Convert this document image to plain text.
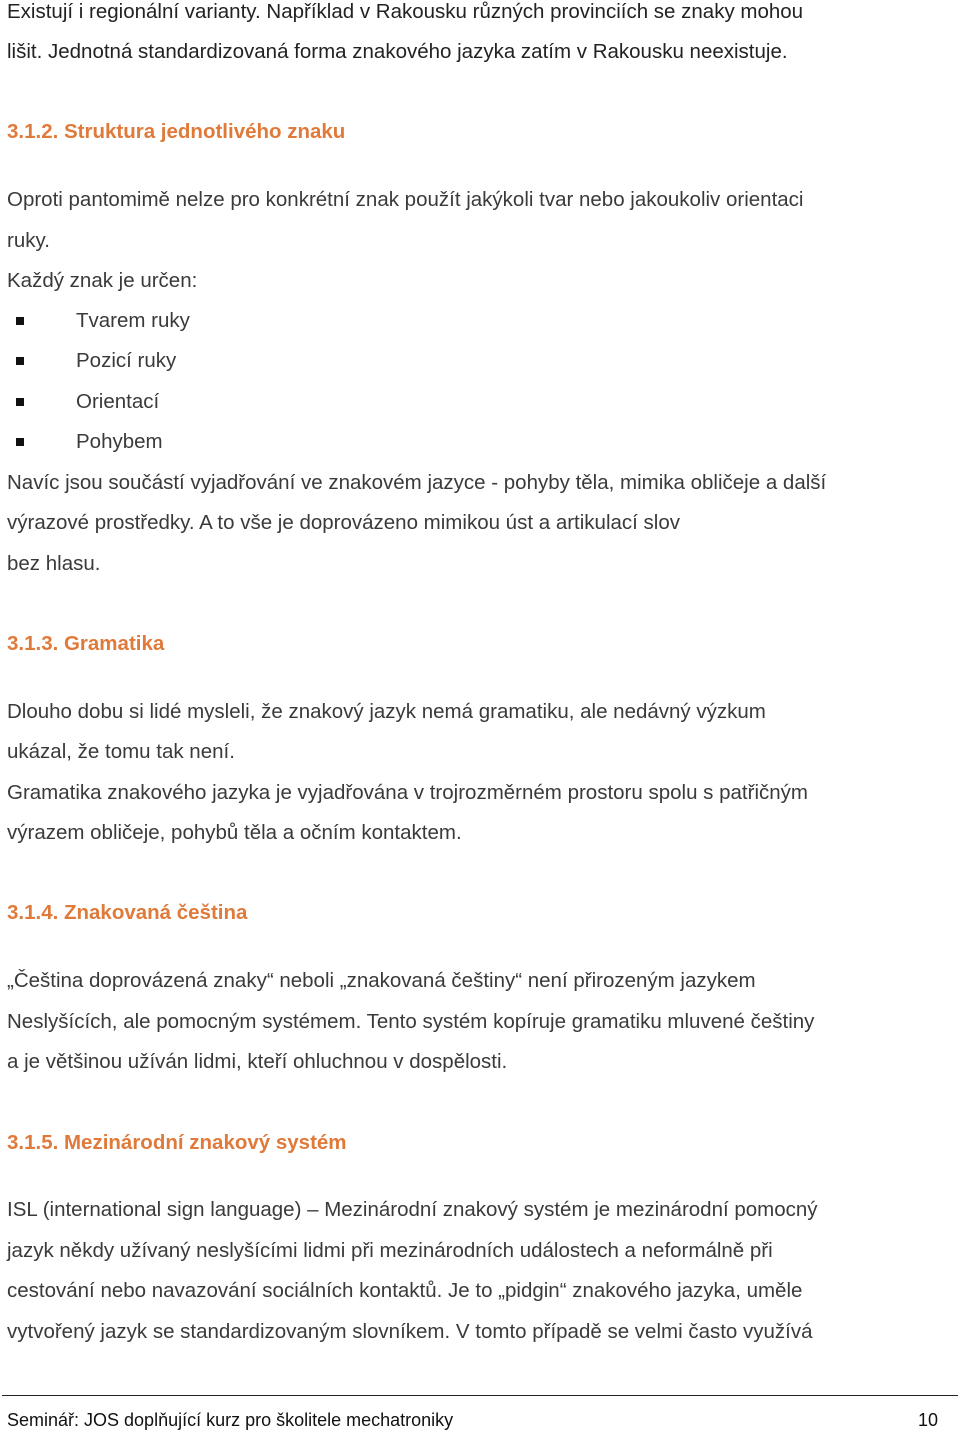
Existují i regionální varianty. Například v Rakousku různých provinciích se znaky mohou
lišit. Jednotná standardizovaná forma znakového jazyka zatím v Rakousku neexistuje.
3.1.2. Struktura jednotlivého znaku
Oproti pantomimě nelze pro konkrétní znak použít jakýkoli tvar nebo jakoukoliv orientaci
ruky.
Každý znak je určen:
Tvarem ruky
Pozicí ruky
Orientací
Pohybem
Navíc jsou součástí vyjadřování ve znakovém jazyce - pohyby těla, mimika obličeje a další
výrazové prostředky. A to vše je doprovázeno mimikou úst a artikulací slov
bez hlasu.
3.1.3. Gramatika
Dlouho dobu si lidé mysleli, že znakový jazyk nemá gramatiku, ale nedávný výzkum
ukázal, že tomu tak není.
Gramatika znakového jazyka je vyjadřována v trojrozměrném prostoru spolu s patřičným
výrazem obličeje, pohybů těla a očním kontaktem.
3.1.4. Znakovaná čeština
„Čeština doprovázená znaky“ neboli „znakovaná češtiny“ není přirozeným jazykem
Neslyšících, ale pomocným systémem. Tento systém kopíruje gramatiku mluvené češtiny
a je většinou užíván lidmi, kteří ohluchnou v dospělosti.
3.1.5. Mezinárodní znakový systém
ISL (international sign language) – Mezinárodní znakový systém je mezinárodní pomocný
jazyk někdy užívaný neslyšícími lidmi při mezinárodních událostech a neformálně při
cestování nebo navazování sociálních kontaktů. Je to „pidgin“ znakového jazyka, uměle
vytvořený jazyk se standardizovaným slovníkem. V tomto případě se velmi často využívá
Seminář: JOS doplňující kurz pro školitele mechatroniky	10
